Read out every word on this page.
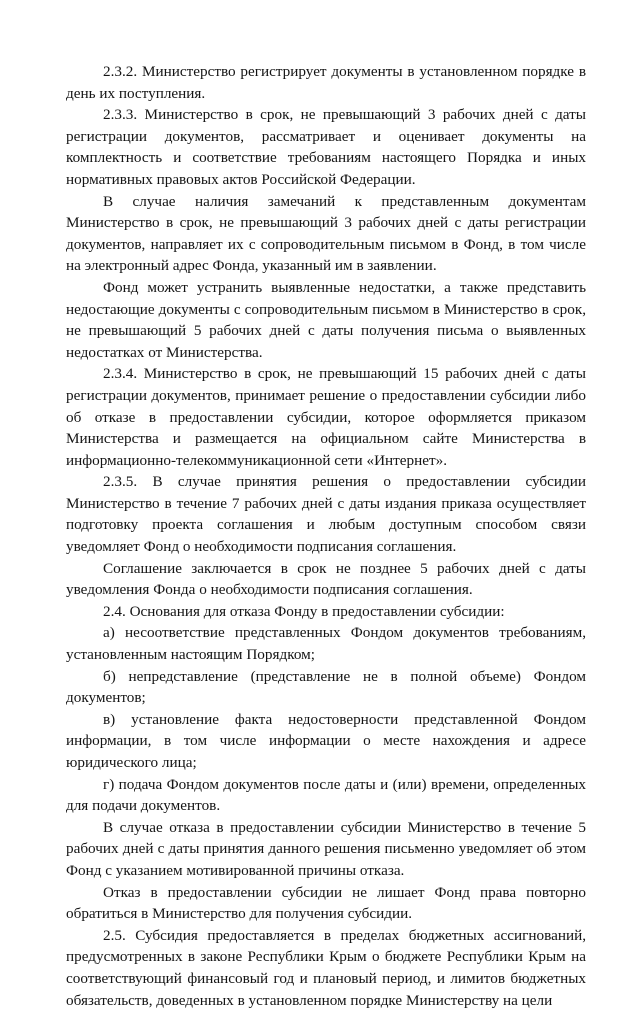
2.3.2. Министерство регистрирует документы в установленном порядке в день их поступления.

2.3.3. Министерство в срок, не превышающий 3 рабочих дней с даты регистрации документов, рассматривает и оценивает документы на комплектность и соответствие требованиям настоящего Порядка и иных нормативных правовых актов Российской Федерации.

В случае наличия замечаний к представленным документам Министерство в срок, не превышающий 3 рабочих дней с даты регистрации документов, направляет их с сопроводительным письмом в Фонд, в том числе на электронный адрес Фонда, указанный им в заявлении.

Фонд может устранить выявленные недостатки, а также представить недостающие документы с сопроводительным письмом в Министерство в срок, не превышающий 5 рабочих дней с даты получения письма о выявленных недостатках от Министерства.

2.3.4. Министерство в срок, не превышающий 15 рабочих дней с даты регистрации документов, принимает решение о предоставлении субсидии либо об отказе в предоставлении субсидии, которое оформляется приказом Министерства и размещается на официальном сайте Министерства в информационно-телекоммуникационной сети «Интернет».

2.3.5. В случае принятия решения о предоставлении субсидии Министерство в течение 7 рабочих дней с даты издания приказа осуществляет подготовку проекта соглашения и любым доступным способом связи уведомляет Фонд о необходимости подписания соглашения.

Соглашение заключается в срок не позднее 5 рабочих дней с даты уведомления Фонда о необходимости подписания соглашения.

2.4. Основания для отказа Фонду в предоставлении субсидии:

а) несоответствие представленных Фондом документов требованиям, установленным настоящим Порядком;

б) непредставление (представление не в полной объеме) Фондом документов;

в) установление факта недостоверности представленной Фондом информации, в том числе информации о месте нахождения и адресе юридического лица;

г) подача Фондом документов после даты и (или) времени, определенных для подачи документов.

В случае отказа в предоставлении субсидии Министерство в течение 5 рабочих дней с даты принятия данного решения письменно уведомляет об этом Фонд с указанием мотивированной причины отказа.

Отказ в предоставлении субсидии не лишает Фонд права повторно обратиться в Министерство для получения субсидии.

2.5. Субсидия предоставляется в пределах бюджетных ассигнований, предусмотренных в законе Республики Крым о бюджете Республики Крым на соответствующий финансовый год и плановый период, и лимитов бюджетных обязательств, доведенных в установленном порядке Министерству на цели
